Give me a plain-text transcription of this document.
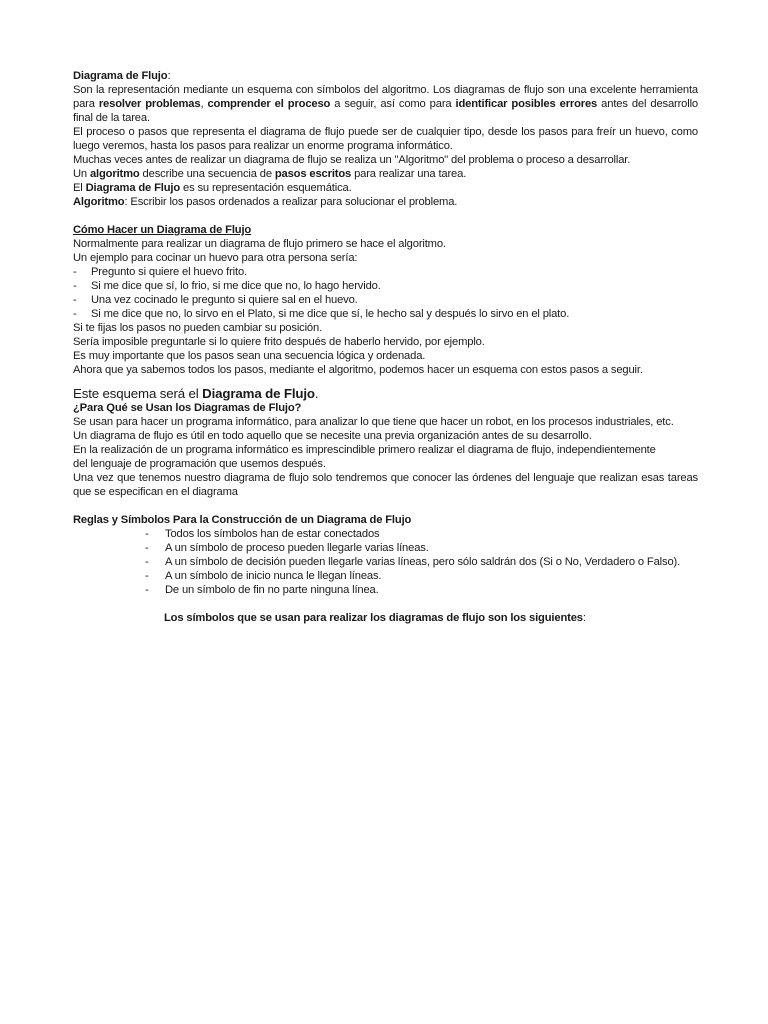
Diagrama de Flujo:
Son la representación mediante un esquema con símbolos del algoritmo. Los diagramas de flujo son una excelente herramienta para resolver problemas, comprender el proceso a seguir, así como para identificar posibles errores antes del desarrollo final de la tarea.
El proceso o pasos que representa el diagrama de flujo puede ser de cualquier tipo, desde los pasos para freír un huevo, como luego veremos, hasta los pasos para realizar un enorme programa informático.
Muchas veces antes de realizar un diagrama de flujo se realiza un "Algoritmo" del problema o proceso a desarrollar.
Un algoritmo describe una secuencia de pasos escritos para realizar una tarea.
El Diagrama de Flujo es su representación esquemática.
Algoritmo: Escribir los pasos ordenados a realizar para solucionar el problema.
Cómo Hacer un Diagrama de Flujo
Normalmente para realizar un diagrama de flujo primero se hace el algoritmo.
Un ejemplo para cocinar un huevo para otra persona sería:
-	Pregunto si quiere el huevo frito.
-	Si me dice que sí, lo frio, si me dice que no, lo hago hervido.
-	Una vez cocinado le pregunto si quiere sal en el huevo.
-	Si me dice que no, lo sirvo en el Plato, si me dice que sí, le hecho sal y después lo sirvo en el plato.
Si te fijas los pasos no pueden cambiar su posición.
Sería imposible preguntarle si lo quiere frito después de haberlo hervido, por ejemplo.
Es muy importante que los pasos sean una secuencia lógica y ordenada.
Ahora que ya sabemos todos los pasos, mediante el algoritmo, podemos hacer un esquema con estos pasos a seguir.
Este esquema será el Diagrama de Flujo.
¿Para Qué se Usan los Diagramas de Flujo?
Se usan para hacer un programa informático, para analizar lo que tiene que hacer un robot, en los procesos industriales, etc.
Un diagrama de flujo es útil en todo aquello que se necesite una previa organización antes de su desarrollo.
En la realización de un programa informático es imprescindible primero realizar el diagrama de flujo, independientemente
del lenguaje de programación que usemos después.
Una vez que tenemos nuestro diagrama de flujo solo tendremos que conocer las órdenes del lenguaje que realizan esas tareas que se especifican en el diagrama
Reglas y Símbolos Para la Construcción de un Diagrama de Flujo
-	Todos los símbolos han de estar conectados
-	A un símbolo de proceso pueden llegarle varias líneas.
-	A un símbolo de decisión pueden llegarle varias líneas, pero sólo saldrán dos (Si o No, Verdadero o Falso).
-	A un símbolo de inicio nunca le llegan líneas.
-	De un símbolo de fin no parte ninguna línea.
Los símbolos que se usan para realizar los diagramas de flujo son los siguientes:
